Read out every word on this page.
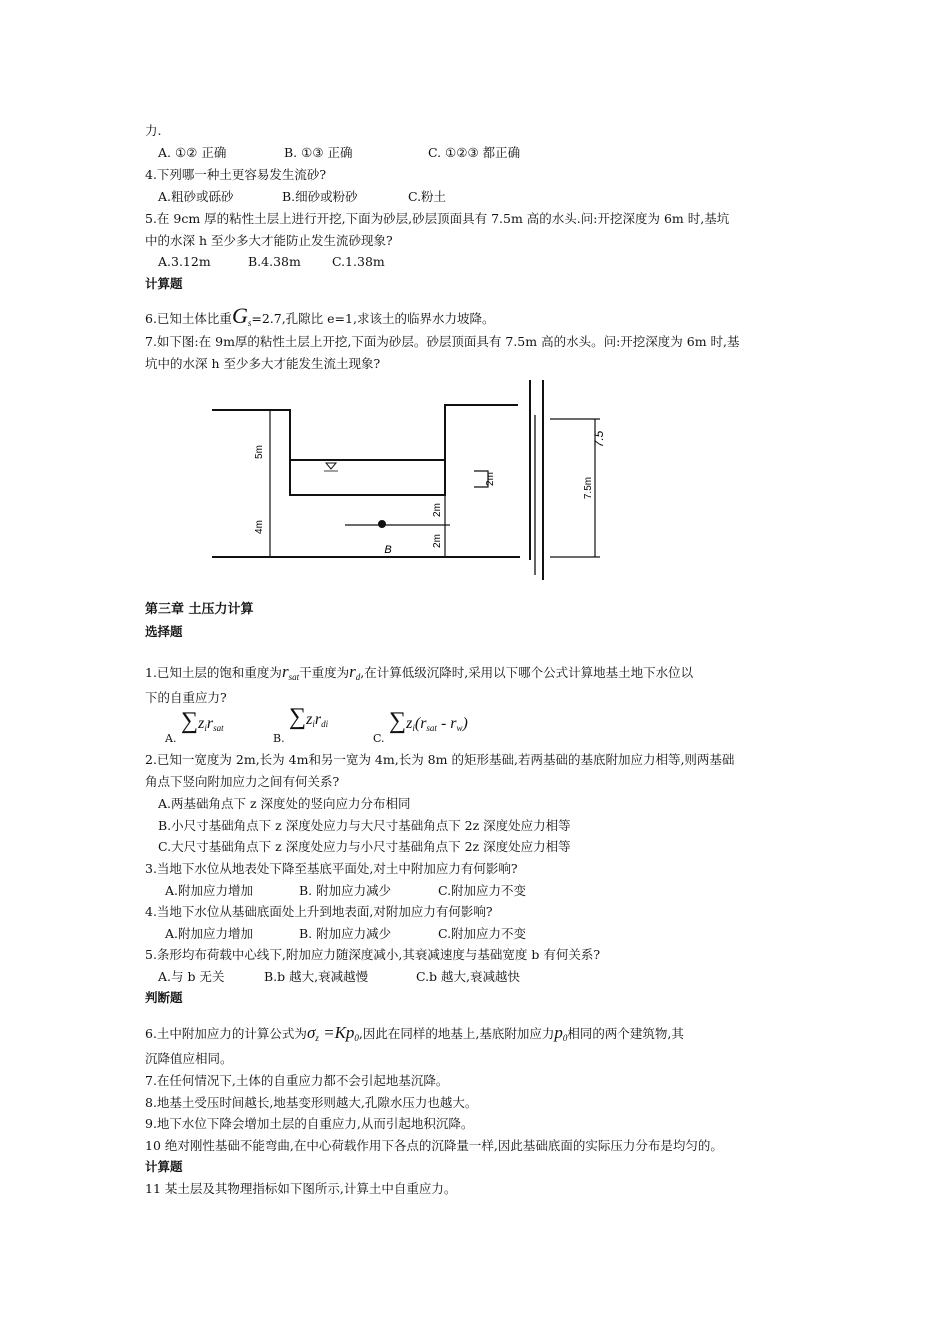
力.
A. ①② 正确	B. ①③ 正确	C. ①②③ 都正确
4.下列哪一种土更容易发生流砂?
A.粗砂或砾砂	B.细砂或粉砂	C.粉土
5.在 9cm 厚的粘性土层上进行开挖,下面为砂层,砂层顶面具有 7.5m 高的水头.问:开挖深度为 6m 时,基坑
中的水深 h 至少多大才能防止发生流砂现象?
A.3.12m	B.4.38m C.1.38m
计算题
6.已知土体比重$G_s=2.7$,孔隙比 e=1,求该土的临界水力坡降。
7.如下图:在 9m厚的粘性土层上开挖,下面为砂层。砂层顶面具有 7.5m 高的水头。问:开挖深度为 6m 时,基
坑中的水深 h 至少多大才能发生流土现象?
5m
4m
2m
2m
2m
7.5m
B
7.5
第三章 土压力计算
选择题
1.已知土层的饱和重度为$r_{sat}$干重度为$r_d$,在计算低级沉降时,采用以下哪个公式计算地基土地下水位以
下的自重应力?
A.
$\sum z_ir_{sat}$
B.
$\sum z_ir_{di}$
C.
$\sum z_i(r_{sat} - r_w)$
2.已知一宽度为 2m,长为 4m和另一宽为 4m,长为 8m 的矩形基础,若两基础的基底附加应力相等,则两基础
角点下竖向附加应力之间有何关系?
A.两基础角点下 z 深度处的竖向应力分布相同
B.小尺寸基础角点下 z 深度处应力与大尺寸基础角点下 2z 深度处应力相等
C.大尺寸基础角点下 z 深度处应力与小尺寸基础角点下 2z 深度处应力相等
3.当地下水位从地表处下降至基底平面处,对土中附加应力有何影响?
A.附加应力增加	B. 附加应力减少	C.附加应力不变
4.当地下水位从基础底面处上升到地表面,对附加应力有何影响?
A.附加应力增加	B. 附加应力减少	C.附加应力不变
5.条形均布荷载中心线下,附加应力随深度减小,其衰减速度与基础宽度 b 有何关系?
A.与 b 无关	B.b 越大,衰减越慢	C.b 越大,衰减越快
判断题
6.土中附加应力的计算公式为$\sigma_z =Kp_0$,因此在同样的地基上,基底附加应力$p_0$相同的两个建筑物,其
沉降值应相同。
7.在任何情况下,土体的自重应力都不会引起地基沉降。
8.地基土受压时间越长,地基变形则越大,孔隙水压力也越大。
9.地下水位下降会增加土层的自重应力,从而引起地积沉降。
10 绝对刚性基础不能弯曲,在中心荷载作用下各点的沉降量一样,因此基础底面的实际压力分布是均匀的。
计算题
11 某土层及其物理指标如下图所示,计算土中自重应力。
